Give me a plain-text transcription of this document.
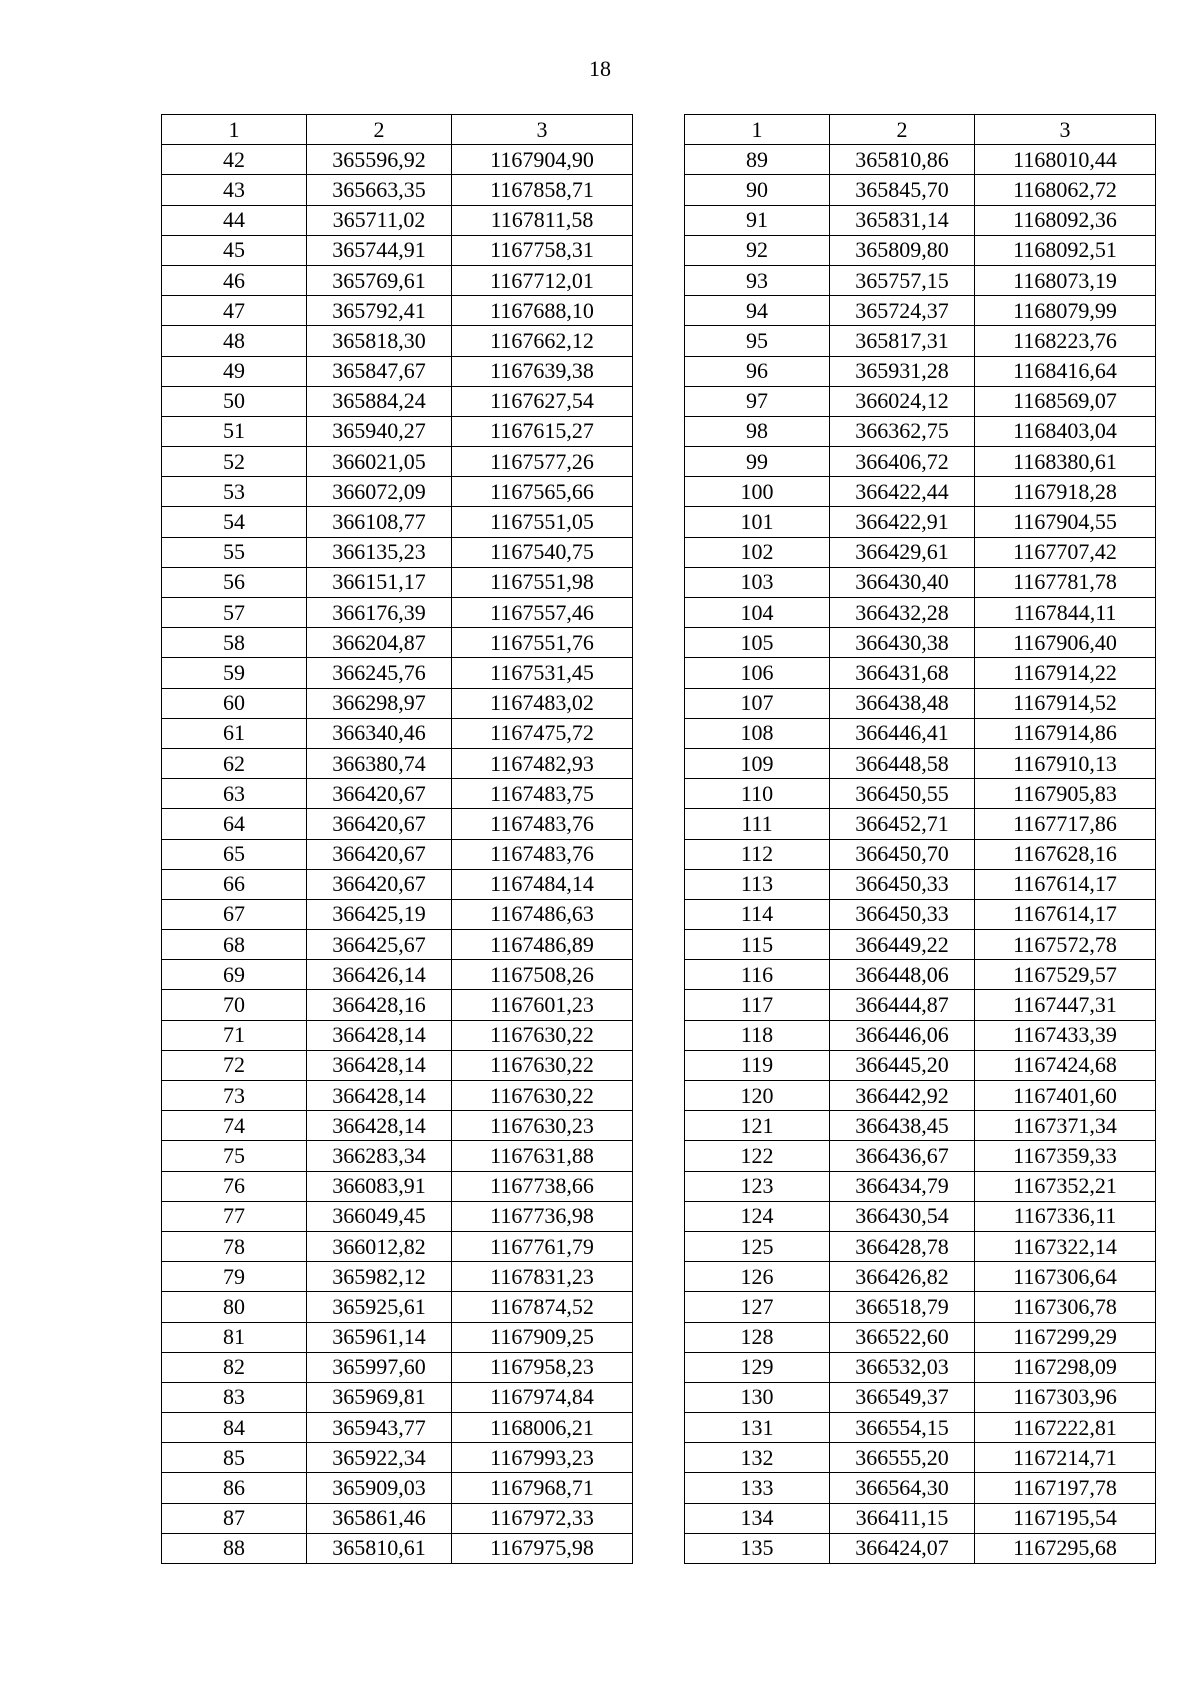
18
1	2	3
42	365596,92	1167904,90
43	365663,35	1167858,71
44	365711,02	1167811,58
45	365744,91	1167758,31
46	365769,61	1167712,01
47	365792,41	1167688,10
48	365818,30	1167662,12
49	365847,67	1167639,38
50	365884,24	1167627,54
51	365940,27	1167615,27
52	366021,05	1167577,26
53	366072,09	1167565,66
54	366108,77	1167551,05
55	366135,23	1167540,75
56	366151,17	1167551,98
57	366176,39	1167557,46
58	366204,87	1167551,76
59	366245,76	1167531,45
60	366298,97	1167483,02
61	366340,46	1167475,72
62	366380,74	1167482,93
63	366420,67	1167483,75
64	366420,67	1167483,76
65	366420,67	1167483,76
66	366420,67	1167484,14
67	366425,19	1167486,63
68	366425,67	1167486,89
69	366426,14	1167508,26
70	366428,16	1167601,23
71	366428,14	1167630,22
72	366428,14	1167630,22
73	366428,14	1167630,22
74	366428,14	1167630,23
75	366283,34	1167631,88
76	366083,91	1167738,66
77	366049,45	1167736,98
78	366012,82	1167761,79
79	365982,12	1167831,23
80	365925,61	1167874,52
81	365961,14	1167909,25
82	365997,60	1167958,23
83	365969,81	1167974,84
84	365943,77	1168006,21
85	365922,34	1167993,23
86	365909,03	1167968,71
87	365861,46	1167972,33
88	365810,61	1167975,98
1	2	3
89	365810,86	1168010,44
90	365845,70	1168062,72
91	365831,14	1168092,36
92	365809,80	1168092,51
93	365757,15	1168073,19
94	365724,37	1168079,99
95	365817,31	1168223,76
96	365931,28	1168416,64
97	366024,12	1168569,07
98	366362,75	1168403,04
99	366406,72	1168380,61
100	366422,44	1167918,28
101	366422,91	1167904,55
102	366429,61	1167707,42
103	366430,40	1167781,78
104	366432,28	1167844,11
105	366430,38	1167906,40
106	366431,68	1167914,22
107	366438,48	1167914,52
108	366446,41	1167914,86
109	366448,58	1167910,13
110	366450,55	1167905,83
111	366452,71	1167717,86
112	366450,70	1167628,16
113	366450,33	1167614,17
114	366450,33	1167614,17
115	366449,22	1167572,78
116	366448,06	1167529,57
117	366444,87	1167447,31
118	366446,06	1167433,39
119	366445,20	1167424,68
120	366442,92	1167401,60
121	366438,45	1167371,34
122	366436,67	1167359,33
123	366434,79	1167352,21
124	366430,54	1167336,11
125	366428,78	1167322,14
126	366426,82	1167306,64
127	366518,79	1167306,78
128	366522,60	1167299,29
129	366532,03	1167298,09
130	366549,37	1167303,96
131	366554,15	1167222,81
132	366555,20	1167214,71
133	366564,30	1167197,78
134	366411,15	1167195,54
135	366424,07	1167295,68
